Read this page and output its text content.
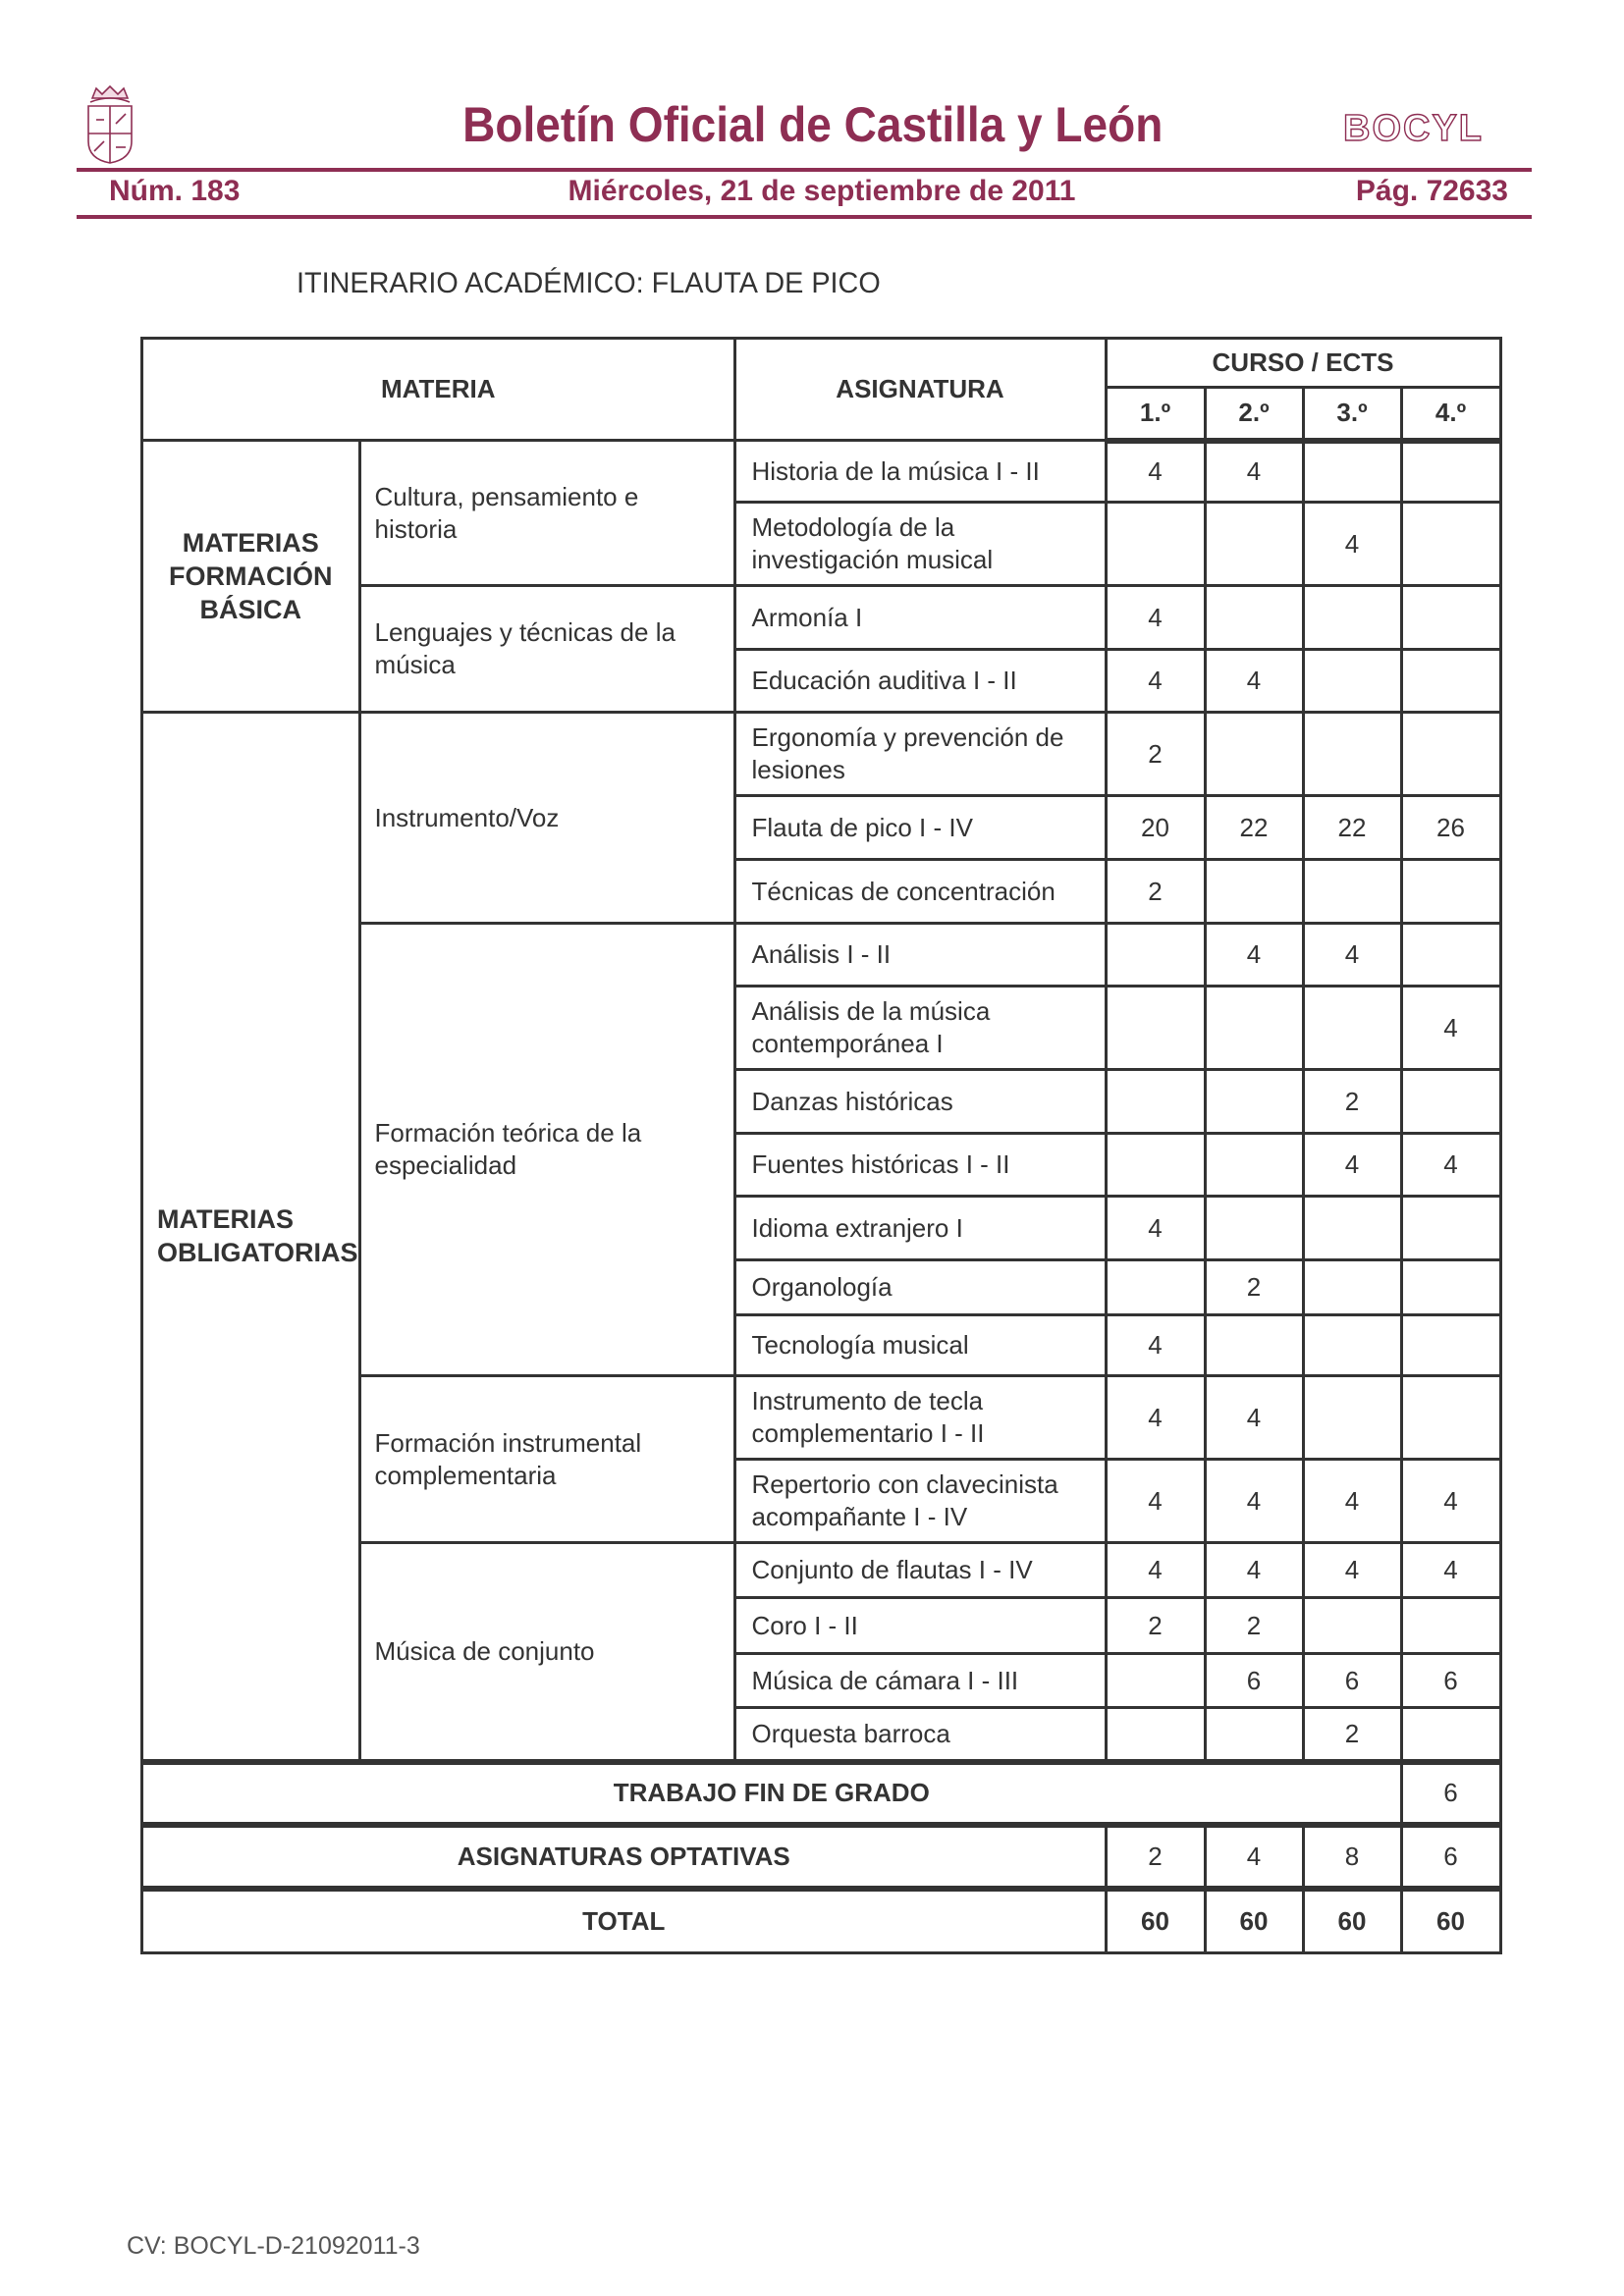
Boletín Oficial de Castilla y León	BOCYL
Núm. 183	Miércoles, 21 de septiembre de 2011	Pág. 72633
ITINERARIO ACADÉMICO: FLAUTA DE PICO
MATERIA		ASIGNATURA	CURSO / ECTS			
			1.º	2.º	3.º	4.º
MATERIAS FORMACIÓN BÁSICA	Cultura, pensamiento e historia	Historia de la música I - II	4	4		
		Metodología de la investigación musical			4	
	Lenguajes y técnicas de la música	Armonía I	4			
		Educación auditiva I - II	4	4		
MATERIAS OBLIGATORIAS	Instrumento/Voz	Ergonomía y prevención de lesiones	2			
		Flauta de pico I - IV	20	22	22	26
		Técnicas de concentración	2			
	Formación teórica de la especialidad	Análisis I - II		4	4	
		Análisis de la música contemporánea I				4
		Danzas históricas			2	
		Fuentes históricas I - II			4	4
		Idioma extranjero I	4			
		Organología		2		
		Tecnología musical	4			
	Formación instrumental complementaria	Instrumento de tecla complementario I - II	4	4		
		Repertorio con clavecinista acompañante I - IV	4	4	4	4
	Música de conjunto	Conjunto de flautas I - IV	4	4	4	4
		Coro I - II	2	2		
		Música de cámara I - III		6	6	6
		Orquesta barroca			2	
TRABAJO FIN DE GRADO						6
ASIGNATURAS OPTATIVAS			2	4	8	6
TOTAL			60	60	60	60
CV: BOCYL-D-21092011-3
